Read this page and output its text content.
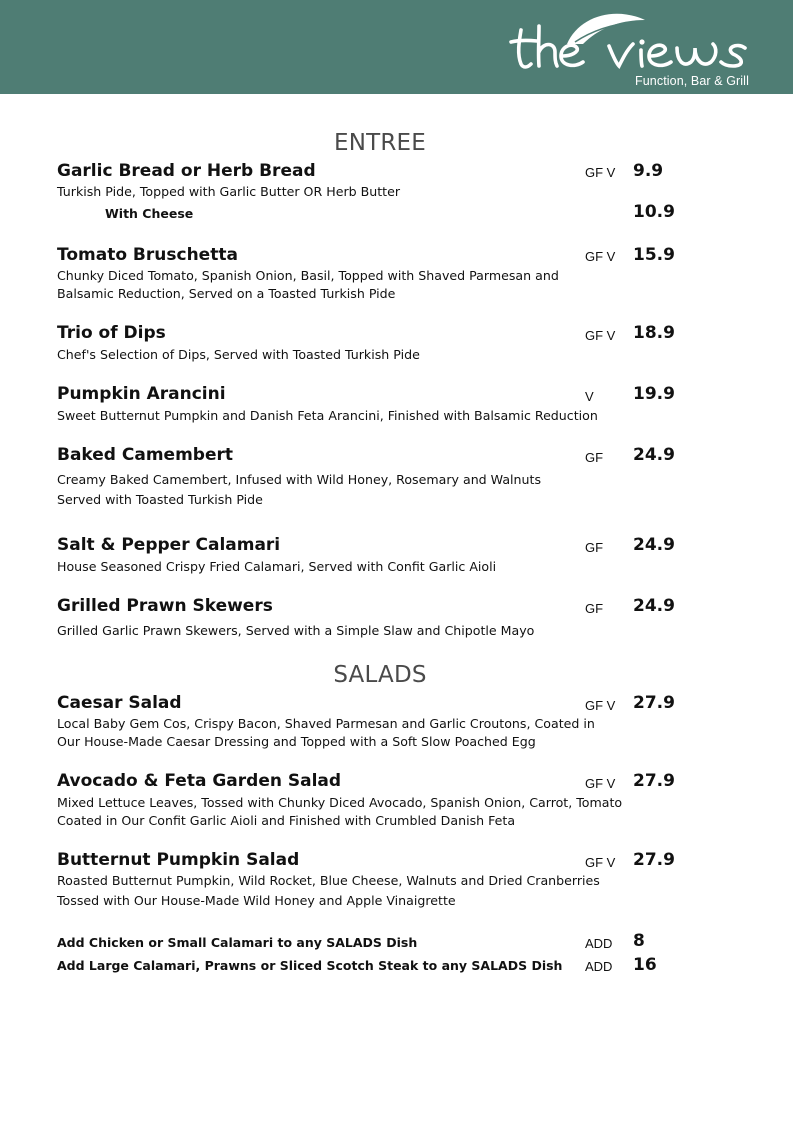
Function, Bar & Grill
ENTREE
Garlic Bread or Herb Bread	GF V 9.9
Turkish Pide, Topped with Garlic Butter OR Herb Butter
With Cheese	10.9
Tomato Bruschetta	GF V 15.9
Chunky Diced Tomato, Spanish Onion, Basil, Topped with Shaved Parmesan and
Balsamic Reduction, Served on a Toasted Turkish Pide
Trio of Dips	GF V 18.9
Chef's Selection of Dips, Served with Toasted Turkish Pide
Pumpkin Arancini	V 19.9
Sweet Butternut Pumpkin and Danish Feta Arancini, Finished with Balsamic Reduction
Baked Camembert	GF 24.9
Creamy Baked Camembert, Infused with Wild Honey, Rosemary and Walnuts
Served with Toasted Turkish Pide
Salt & Pepper Calamari	GF 24.9
House Seasoned Crispy Fried Calamari, Served with Confit Garlic Aioli
Grilled Prawn Skewers	GF 24.9
Grilled Garlic Prawn Skewers, Served with a Simple Slaw and Chipotle Mayo
SALADS
Caesar Salad	GF V 27.9
Local Baby Gem Cos, Crispy Bacon, Shaved Parmesan and Garlic Croutons, Coated in
Our House-Made Caesar Dressing and Topped with a Soft Slow Poached Egg
Avocado & Feta Garden Salad	GF V 27.9
Mixed Lettuce Leaves, Tossed with Chunky Diced Avocado, Spanish Onion, Carrot, Tomato
Coated in Our Confit Garlic Aioli and Finished with Crumbled Danish Feta
Butternut Pumpkin Salad	GF V 27.9
Roasted Butternut Pumpkin, Wild Rocket, Blue Cheese, Walnuts and Dried Cranberries
Tossed with Our House-Made Wild Honey and Apple Vinaigrette
Add Chicken or Small Calamari to any SALADS Dish	ADD 8
Add Large Calamari, Prawns or Sliced Scotch Steak to any SALADS Dish ADD 16
